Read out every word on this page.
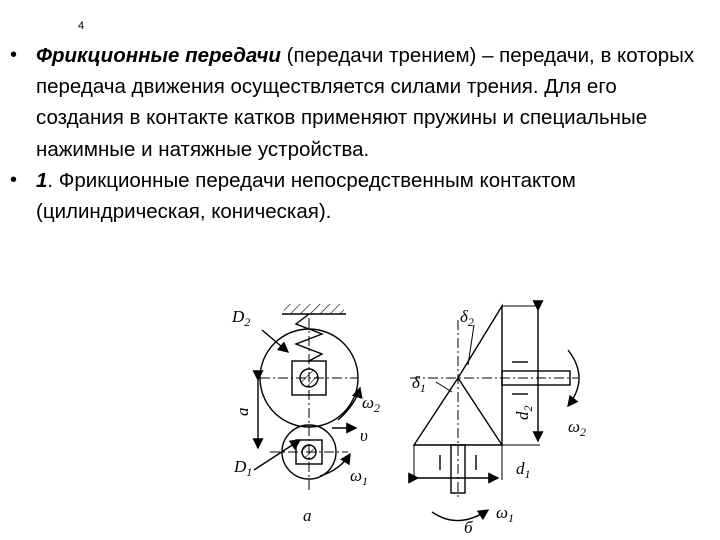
4
• Фрикционные передачи (передачи трением) – передачи, в которых передача движения осуществляется силами трения. Для его создания в контакте катков применяют пружины и специальные нажимные и натяжные устройства.
• 1. Фрикционные передачи непосредственным контактом (цилиндрическая, коническая).
$D_2$
$D_1$
a	$\omega_2$
υ
$\omega_1$
a
$\delta_2$
$\delta_1$
$d_2$
$d_1$
$\omega_2$
$\omega_1$
б
